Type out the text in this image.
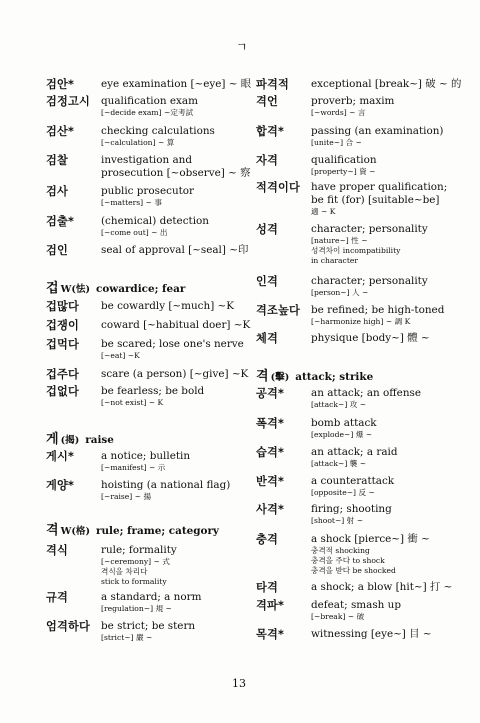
ㄱ
검안*	eye examination [~eye] ~ 眼
검정고시	qualification exam
[~decide exam] ~定考試
검산*	checking calculations
[~calculation] ~ 算
검찰	investigation and
prosecution [~observe] ~ 察
검사	public prosecutor
[~matters] ~ 事
검출*	(chemical) detection
[~come out] ~ 出
검인	seal of approval [~seal] ~印
겁 W(怯) cowardice; fear
겁많다	be cowardly [~much] ~K
겁쟁이	coward [~habitual doer] ~K
겁먹다	be scared; lose one's nerve
[~eat] ~K
겁주다	scare (a person) [~give] ~K
겁없다	be fearless; be bold
[~not exist] ~ K
게 (揭) raise
게시*	a notice; bulletin
[~manifest] ~ 示
게양*	hoisting (a national flag)
[~raise] ~ 揚
격 W(格) rule; frame; category
격식	rule; formality
[~ceremony] ~ 式
격식을 차리다
stick to formality
규격	a standard; a norm
[regulation~] 規 ~
엄격하다	be strict; be stern
[strict~] 嚴 ~
파격적	exceptional [break~] 破 ~ 的
격언	proverb; maxim
[~words] ~ 言
합격*	passing (an examination)
[unite~] 合 ~
자격	qualification
[property~] 資 ~
적격이다	have proper qualification;
be fit (for) [suitable~be]
適 ~ K
성격	character; personality
[nature~] 性 ~
성격차이 incompatibility
in character
인격	character; personality
[person~] 人 ~
격조높다	be refined; be high-toned
[~harmonize high] ~ 調 K
체격	physique [body~] 體 ~
격 (擊) attack; strike
공격*	an attack; an offense
[attack~] 攻 ~
폭격*	bomb attack
[explode~] 爆 ~
습격*	an attack; a raid
[attack~] 襲 ~
반격*	a counterattack
[opposite~] 反 ~
사격*	firing; shooting
[shoot~] 射 ~
충격	a shock [pierce~] 衝 ~
충격적 shocking
충격을 주다 to shock
충격을 받다 be shocked
타격	a shock; a blow [hit~] 打 ~
격파*	defeat; smash up
[~break] ~ 破
목격*	witnessing [eye~] 目 ~
13
